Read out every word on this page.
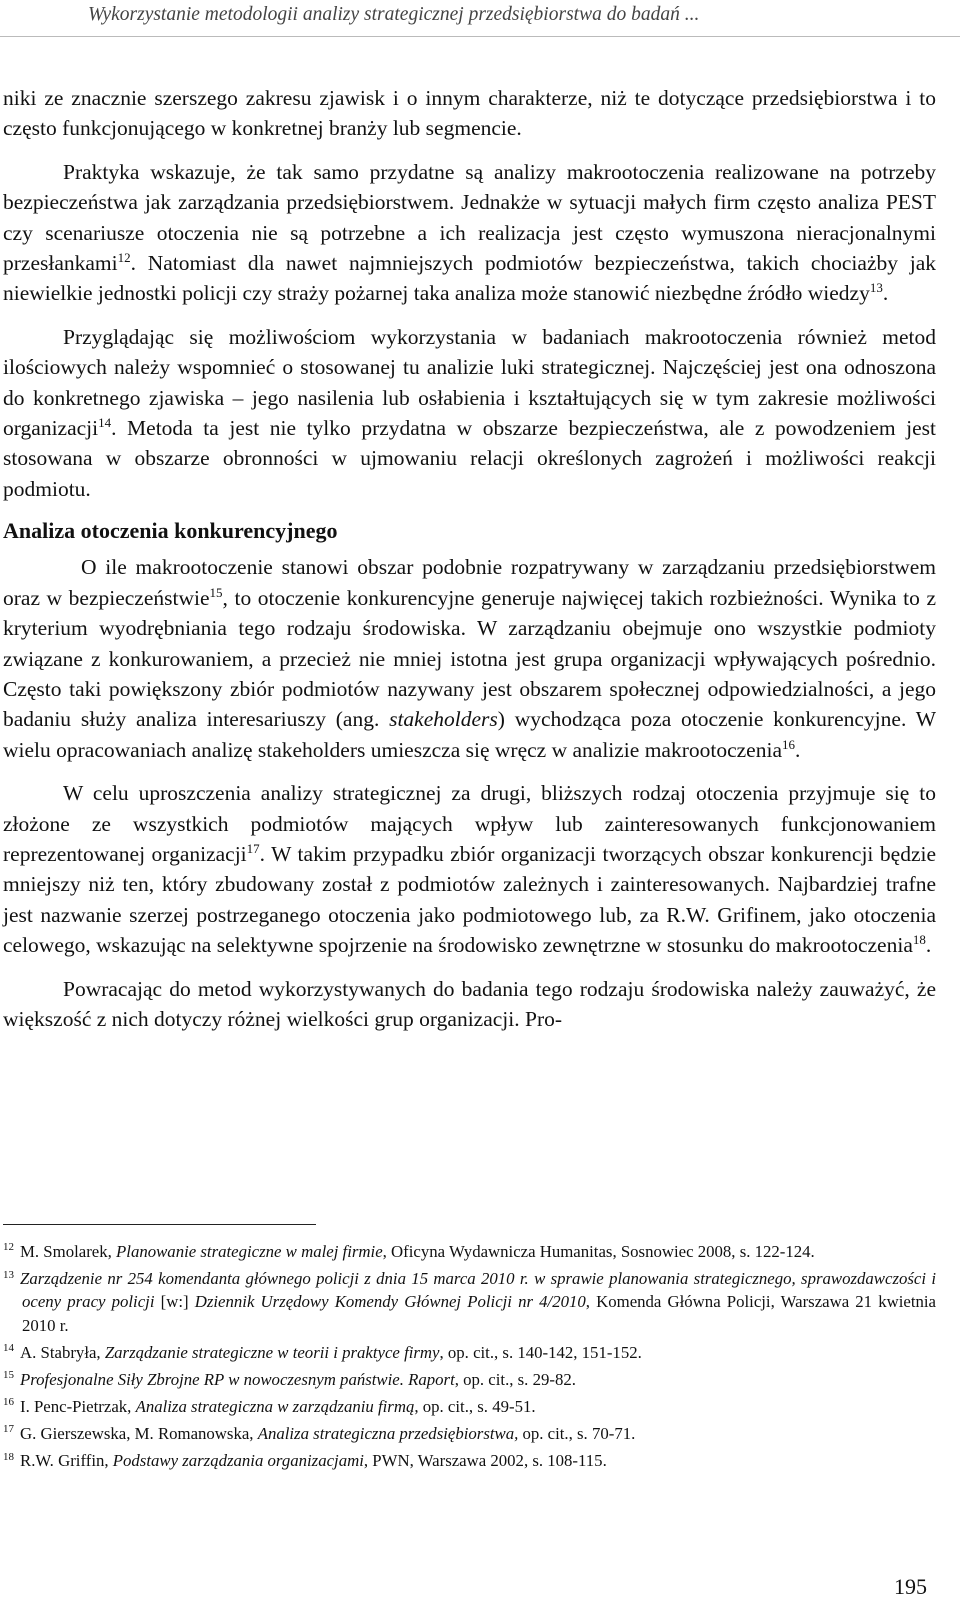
Wykorzystanie metodologii analizy strategicznej przedsiębiorstwa do badań ...

niki ze znacznie szerszego zakresu zjawisk i o innym charakterze, niż te dotyczące przedsiębiorstwa i to często funkcjonującego w konkretnej branży lub segmencie.

Praktyka wskazuje, że tak samo przydatne są analizy makrootoczenia realizowane na potrzeby bezpieczeństwa jak zarządzania przedsiębiorstwem. Jednakże w sytuacji małych firm często analiza PEST czy scenariusze otoczenia nie są potrzebne a ich realizacja jest często wymuszona nieracjonalnymi przesłankami$^{12}$. Natomiast dla nawet najmniejszych podmiotów bezpieczeństwa, takich chociażby jak niewielkie jednostki policji czy straży pożarnej taka analiza może stanowić niezbędne źródło wiedzy$^{13}$.

Przyglądając się możliwościom wykorzystania w badaniach makrootoczenia również metod ilościowych należy wspomnieć o stosowanej tu analizie luki strategicznej. Najczęściej jest ona odnoszona do konkretnego zjawiska – jego nasilenia lub osłabienia i kształtujących się w tym zakresie możliwości organizacji$^{14}$. Metoda ta jest nie tylko przydatna w obszarze bezpieczeństwa, ale z powodzeniem jest stosowana w obszarze obronności w ujmowaniu relacji określonych zagrożeń i możliwości reakcji podmiotu.

Analiza otoczenia konkurencyjnego

O ile makrootoczenie stanowi obszar podobnie rozpatrywany w zarządzaniu przedsiębiorstwem oraz w bezpieczeństwie$^{15}$, to otoczenie konkurencyjne generuje najwięcej takich rozbieżności. Wynika to z kryterium wyodrębniania tego rodzaju środowiska. W zarządzaniu obejmuje ono wszystkie podmioty związane z konkurowaniem, a przecież nie mniej istotna jest grupa organizacji wpływających pośrednio. Często taki powiększony zbiór podmiotów nazywany jest obszarem społecznej odpowiedzialności, a jego badaniu służy analiza interesariuszy (ang. stakeholders) wychodząca poza otoczenie konkurencyjne. W wielu opracowaniach analizę stakeholders umieszcza się wręcz w analizie makrootoczenia$^{16}$.

W celu uproszczenia analizy strategicznej za drugi, bliższych rodzaj otoczenia przyjmuje się to złożone ze wszystkich podmiotów mających wpływ lub zainteresowanych funkcjonowaniem reprezentowanej organizacji$^{17}$. W takim przypadku zbiór organizacji tworzących obszar konkurencji będzie mniejszy niż ten, który zbudowany został z podmiotów zależnych i zainteresowanych. Najbardziej trafne jest nazwanie szerzej postrzeganego otoczenia jako podmiotowego lub, za R.W. Grifinem, jako otoczenia celowego, wskazując na selektywne spojrzenie na środowisko zewnętrzne w stosunku do makrootoczenia$^{18}$.

Powracając do metod wykorzystywanych do badania tego rodzaju środowiska należy zauważyć, że większość z nich dotyczy różnej wielkości grup organizacji. Pro-

$^{12}$ M. Smolarek, Planowanie strategiczne w malej firmie, Oficyna Wydawnicza Humanitas, Sosnowiec 2008, s. 122-124.

$^{13}$ Zarządzenie nr 254 komendanta głównego policji z dnia 15 marca 2010 r. w sprawie planowania strategicznego, sprawozdawczości i oceny pracy policji [w:] Dziennik Urzędowy Komendy Głównej Policji nr 4/2010, Komenda Główna Policji, Warszawa 21 kwietnia 2010 r.

$^{14}$ A. Stabryła, Zarządzanie strategiczne w teorii i praktyce firmy, op. cit., s. 140-142, 151-152.

$^{15}$ Profesjonalne Siły Zbrojne RP w nowoczesnym państwie. Raport, op. cit., s. 29-82.

$^{16}$ I. Penc-Pietrzak, Analiza strategiczna w zarządzaniu firmą, op. cit., s. 49-51.

$^{17}$ G. Gierszewska, M. Romanowska, Analiza strategiczna przedsiębiorstwa, op. cit., s. 70-71.

$^{18}$ R.W. Griffin, Podstawy zarządzania organizacjami, PWN, Warszawa 2002, s. 108-115.

195
